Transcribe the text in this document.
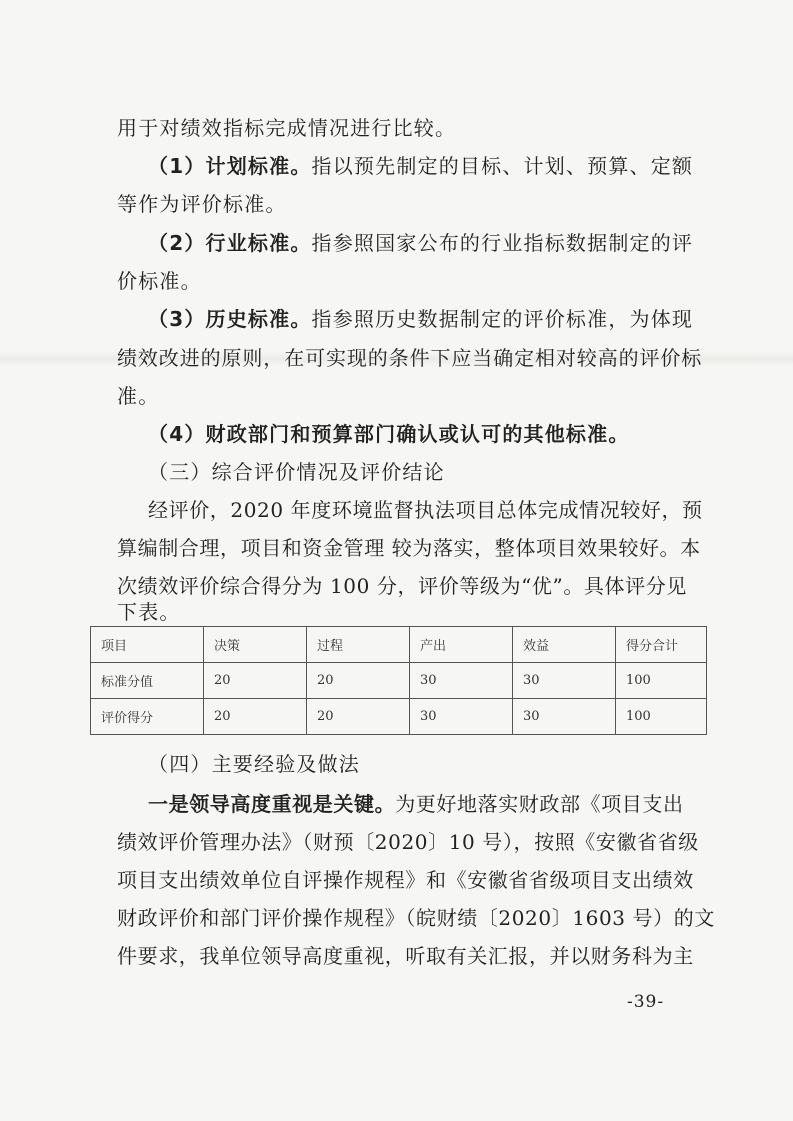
用于对绩效指标完成情况进行比较。
（1）计划标准。指以预先制定的目标、计划、预算、定额
等作为评价标准。
（2）行业标准。指参照国家公布的行业指标数据制定的评
价标准。
（3）历史标准。指参照历史数据制定的评价标准，为体现
绩效改进的原则，在可实现的条件下应当确定相对较高的评价标
准。
（4）财政部门和预算部门确认或认可的其他标准。
（三）综合评价情况及评价结论
经评价，2020 年度环境监督执法项目总体完成情况较好，预
算编制合理，项目和资金管理 较为落实，整体项目效果较好。本
次绩效评价综合得分为 100 分，评价等级为“优”。具体评分见
下表。
项目	决策	过程	产出	效益	得分合计
标准分值	20	20	30	30	100
评价得分	20	20	30	30	100
（四）主要经验及做法
一是领导高度重视是关键。为更好地落实财政部《项目支出
绩效评价管理办法》（财预〔2020〕10 号），按照《安徽省省级
项目支出绩效单位自评操作规程》和《安徽省省级项目支出绩效
财政评价和部门评价操作规程》（皖财绩〔2020〕1603 号）的文
件要求，我单位领导高度重视，听取有关汇报，并以财务科为主
-39-
